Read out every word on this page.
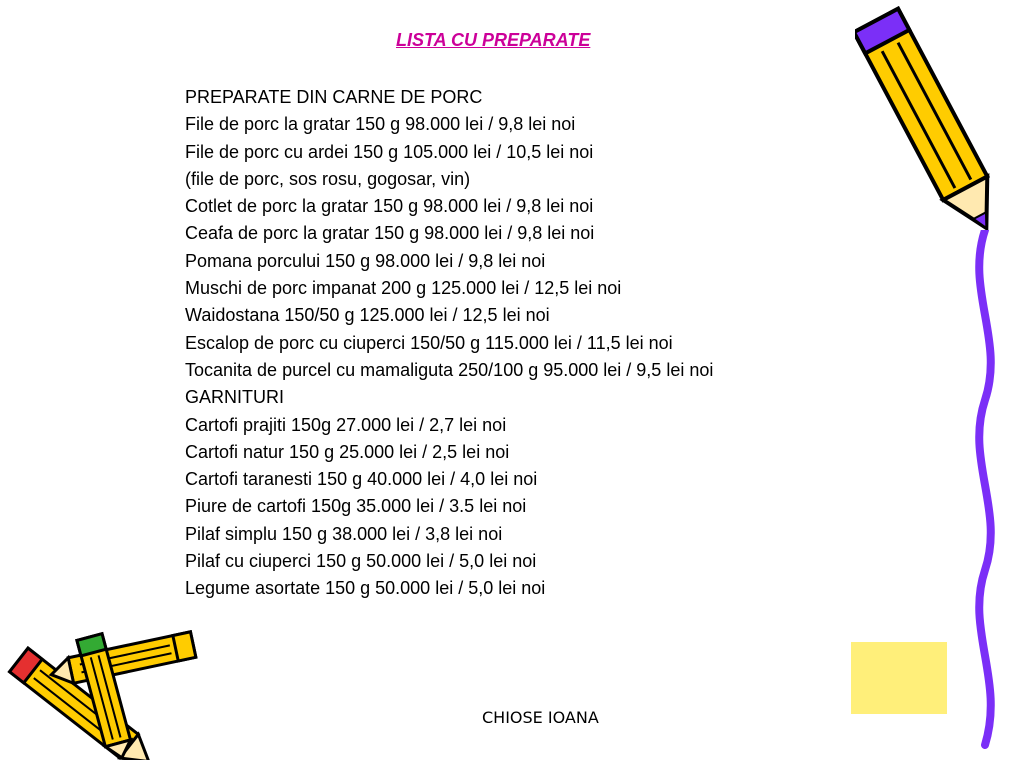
LISTA CU PREPARATE
PREPARATE DIN CARNE DE PORC
File de porc la gratar 150 g 98.000 lei / 9,8 lei noi
File de porc cu ardei 150 g 105.000 lei / 10,5 lei noi
(file de porc, sos rosu, gogosar, vin)
Cotlet de porc la gratar 150 g 98.000 lei / 9,8 lei noi
Ceafa de porc la gratar 150 g 98.000 lei / 9,8 lei noi
Pomana porcului 150 g 98.000 lei / 9,8 lei noi
Muschi de porc impanat 200 g 125.000 lei / 12,5 lei noi
Waidostana 150/50 g 125.000 lei / 12,5 lei noi
Escalop de porc cu ciuperci 150/50 g 115.000 lei / 11,5 lei noi
Tocanita de purcel cu mamaliguta 250/100 g 95.000 lei / 9,5 lei noi
GARNITURI
Cartofi prajiti 150g 27.000 lei / 2,7 lei noi
Cartofi natur 150 g 25.000 lei / 2,5 lei noi
Cartofi taranesti 150 g 40.000 lei / 4,0 lei noi
Piure de cartofi 150g 35.000 lei / 3.5 lei noi
Pilaf simplu 150 g 38.000 lei / 3,8 lei noi
Pilaf cu ciuperci 150 g 50.000 lei / 5,0 lei noi
Legume asortate 150 g 50.000 lei / 5,0 lei noi
CHIOSE IOANA
